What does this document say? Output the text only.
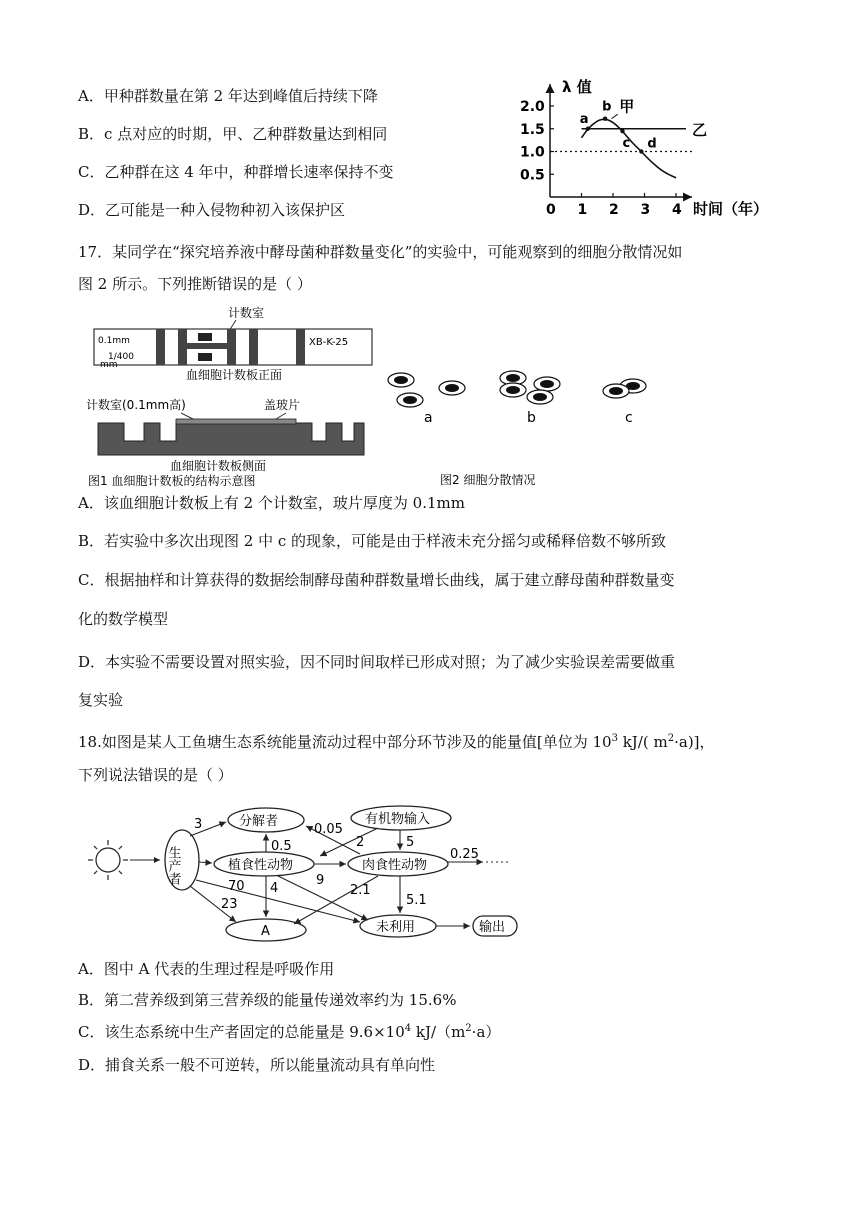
A．甲种群数量在第 2 年达到峰值后持续下降
B．c 点对应的时期，甲、乙种群数量达到相同
C．乙种群在这 4 年中，种群增长速率保持不变
D．乙可能是一种入侵物种初入该保护区
0.5
1.0
1.5
2.0
0 1 2 3 4
甲
乙
a
b
c d
λ 值
时间（年）
17．某同学在“探究培养液中酵母菌种群数量变化”的实验中，可能观察到的细胞分散情况如
图 2 所示。下列推断错误的是（ ）
计数室
0.1mm
1/400
mm
XB-K-25
血细胞计数板正面
计数室(0.1mm高)	盖玻片
血细胞计数板侧面
图1 血细胞计数板的结构示意图
a	b	c
图2 细胞分散情况
A．该血细胞计数板上有 2 个计数室，玻片厚度为 0.1mm
B．若实验中多次出现图 2 中 c 的现象，可能是由于样液未充分摇匀或稀释倍数不够所致
C．根据抽样和计算获得的数据绘制酵母菌种群数量增长曲线，属于建立酵母菌种群数量变
化的数学模型
D．本实验不需要设置对照实验，因不同时间取样已形成对照；为了减少实验误差需要做重
复实验
18.如图是某人工鱼塘生态系统能量流动过程中部分环节涉及的能量值[单位为 $10^3$ kJ/( $m^2\cdot a$)]，
下列说法错误的是（ ）
生产者
分解者	有机物输入
植食性动物	肉食性动物
A	未利用	输出
3	0.05
2
0.5	5
0.25
70 4
9
2.1
23	5.1
A．图中 A 代表的生理过程是呼吸作用
B．第二营养级到第三营养级的能量传递效率约为 15.6%
C．该生态系统中生产者固定的总能量是 $9.6\times 10^4$ $kJ/(m^2\cdot a)$
D．捕食关系一般不可逆转，所以能量流动具有单向性
